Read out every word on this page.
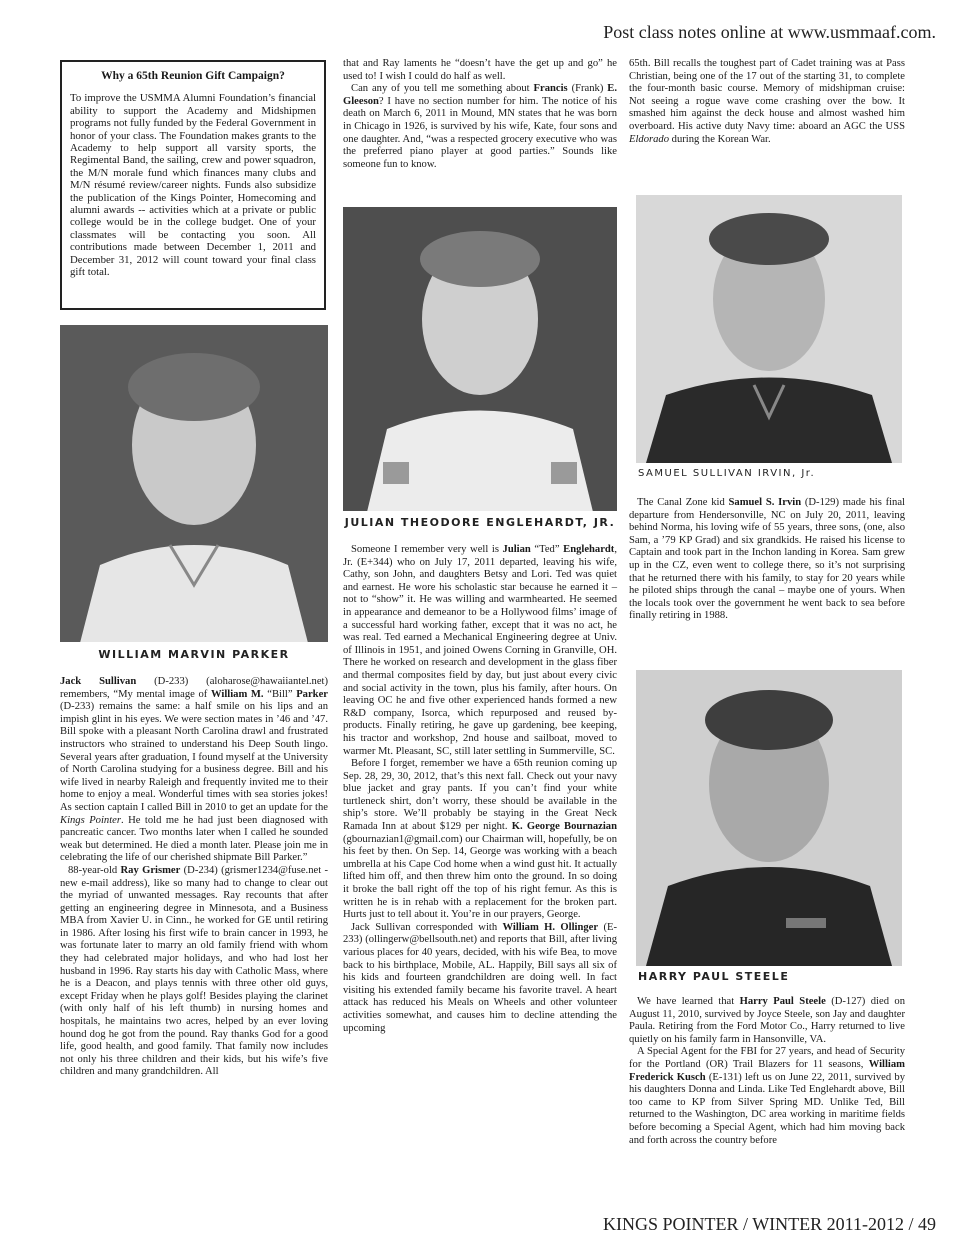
Post class notes online at www.usmmaaf.com.
Why a 65th Reunion Gift Campaign?

To improve the USMMA Alumni Foundation’s financial ability to support the Academy and Midshipmen programs not fully funded by the Federal Government in honor of your class. The Foundation makes grants to the Academy to help support all varsity sports, the Regimental Band, the sailing, crew and power squadron, the M/N morale fund which finances many clubs and M/N résumé review/career nights. Funds also subsidize the publication of the Kings Pointer, Homecoming and alumni awards -- activities which at a private or public college would be in the college budget. One of your classmates will be contacting you soon. All contributions made between December 1, 2011 and December 31, 2012 will count toward your final class gift total.

WILLIAM MARVIN PARKER
JULIAN THEODORE ENGLEHARDT, JR.
SAMUEL SULLIVAN IRVIN, Jr.
HARRY PAUL STEELE

Jack Sullivan (D-233) (aloharose@hawaiiantel.net) remembers, “My mental image of William M. “Bill” Parker (D-233) remains the same: a half smile on his lips and an impish glint in his eyes. We were section mates in ’46 and ’47. Bill spoke with a pleasant North Carolina drawl and frustrated instructors who strained to understand his Deep South lingo. Several years after graduation, I found myself at the University of North Carolina studying for a business degree. Bill and his wife lived in nearby Raleigh and frequently invited me to their home to enjoy a meal. Wonderful times with sea stories jokes! As section captain I called Bill in 2010 to get an update for the Kings Pointer. He told me he had just been diagnosed with pancreatic cancer. Two months later when I called he sounded weak but determined. He died a month later. Please join me in celebrating the life of our cherished shipmate Bill Parker.”

88-year-old Ray Grismer (D-234) (grismer1234@fuse.net - new e-mail address), like so many had to change to clear out the myriad of unwanted messages. Ray recounts that after getting an engineering degree in Minnesota, and a Business MBA from Xavier U. in Cinn., he worked for GE until retiring in 1986. After losing his first wife to brain cancer in 1993, he was fortunate later to marry an old family friend with whom they had celebrated major holidays, and who had lost her husband in 1996. Ray starts his day with Catholic Mass, where he is a Deacon, and plays tennis with three other old guys, except Friday when he plays golf! Besides playing the clarinet (with only half of his left thumb) in nursing homes and hospitals, he maintains two acres, helped by an ever loving hound dog he got from the pound. Ray thanks God for a good life, good health, and good family. That family now includes not only his three children and their kids, but his wife’s five children and many grandchildren. All

that and Ray laments he “doesn’t have the get up and go” he used to! I wish I could do half as well.

Can any of you tell me something about Francis (Frank) E. Gleeson? I have no section number for him. The notice of his death on March 6, 2011 in Mound, MN states that he was born in Chicago in 1926, is survived by his wife, Kate, four sons and one daughter. And, “was a respected grocery executive who was the preferred piano player at good parties.” Sounds like someone fun to know.

Someone I remember very well is Julian “Ted” Englehardt, Jr. (E+344) who on July 17, 2011 departed, leaving his wife, Cathy, son John, and daughters Betsy and Lori. Ted was quiet and earnest. He wore his scholastic star because he earned it – not to “show” it. He was willing and warmhearted. He seemed in appearance and demeanor to be a Hollywood films’ image of a successful hard working father, except that it was no act, he was real. Ted earned a Mechanical Engineering degree at Univ. of Illinois in 1951, and joined Owens Corning in Granville, OH. There he worked on research and development in the glass fiber and thermal composites field by day, but just about every civic and social activity in the town, plus his family, after hours. On leaving OC he and five other experienced hands formed a new R&D company, Isorca, which repurposed and reused by-products. Finally retiring, he gave up gardening, bee keeping, his tractor and workshop, 2nd house and sailboat, moved to warmer Mt. Pleasant, SC, still later settling in Summerville, SC.

Before I forget, remember we have a 65th reunion coming up Sep. 28, 29, 30, 2012, that’s this next fall. Check out your navy blue jacket and gray pants. If you can’t find your white turtleneck shirt, don’t worry, these should be available in the ship’s store. We’ll probably be staying in the Great Neck Ramada Inn at about $129 per night. K. George Bournazian (gbournazian1@gmail.com) our Chairman will, hopefully, be on his feet by then. On Sep. 14, George was working with a beach umbrella at his Cape Cod home when a wind gust hit. It actually lifted him off, and then threw him onto the ground. In so doing it broke the ball right off the top of his right femur. As this is written he is in rehab with a replacement for the broken part. Hurts just to tell about it. You’re in our prayers, George.

Jack Sullivan corresponded with William H. Ollinger (E-233) (ollingerw@bellsouth.net) and reports that Bill, after living various places for 40 years, decided, with his wife Bea, to move back to his birthplace, Mobile, AL. Happily, Bill says all six of his kids and fourteen grandchildren are doing well. In fact visiting his extended family became his favorite travel. A heart attack has reduced his Meals on Wheels and other volunteer activities somewhat, and causes him to decline attending the upcoming

65th. Bill recalls the toughest part of Cadet training was at Pass Christian, being one of the 17 out of the starting 31, to complete the four-month basic course. Memory of midshipman cruise: Not seeing a rogue wave come crashing over the bow. It smashed him against the deck house and almost washed him overboard. His active duty Navy time: aboard an AGC the USS Eldorado during the Korean War.

The Canal Zone kid Samuel S. Irvin (D-129) made his final departure from Hendersonville, NC on July 20, 2011, leaving behind Norma, his loving wife of 55 years, three sons, (one, also Sam, a ’79 KP Grad) and six grandkids. He raised his license to Captain and took part in the Inchon landing in Korea. Sam grew up in the CZ, even went to college there, so it’s not surprising that he returned there with his family, to stay for 20 years while he piloted ships through the canal – maybe one of yours. When the locals took over the government he went back to sea before finally retiring in 1988.

We have learned that Harry Paul Steele (D-127) died on August 11, 2010, survived by Joyce Steele, son Jay and daughter Paula. Retiring from the Ford Motor Co., Harry returned to live quietly on his family farm in Hansonville, VA.

A Special Agent for the FBI for 27 years, and head of Security for the Portland (OR) Trail Blazers for 11 seasons, William Frederick Kusch (E-131) left us on June 22, 2011, survived by his daughters Donna and Linda. Like Ted Englehardt above, Bill too came to KP from Silver Spring MD. Unlike Ted, Bill returned to the Washington, DC area working in maritime fields before becoming a Special Agent, which had him moving back and forth across the country before

KINGS POINTER / WINTER 2011-2012 / 49
